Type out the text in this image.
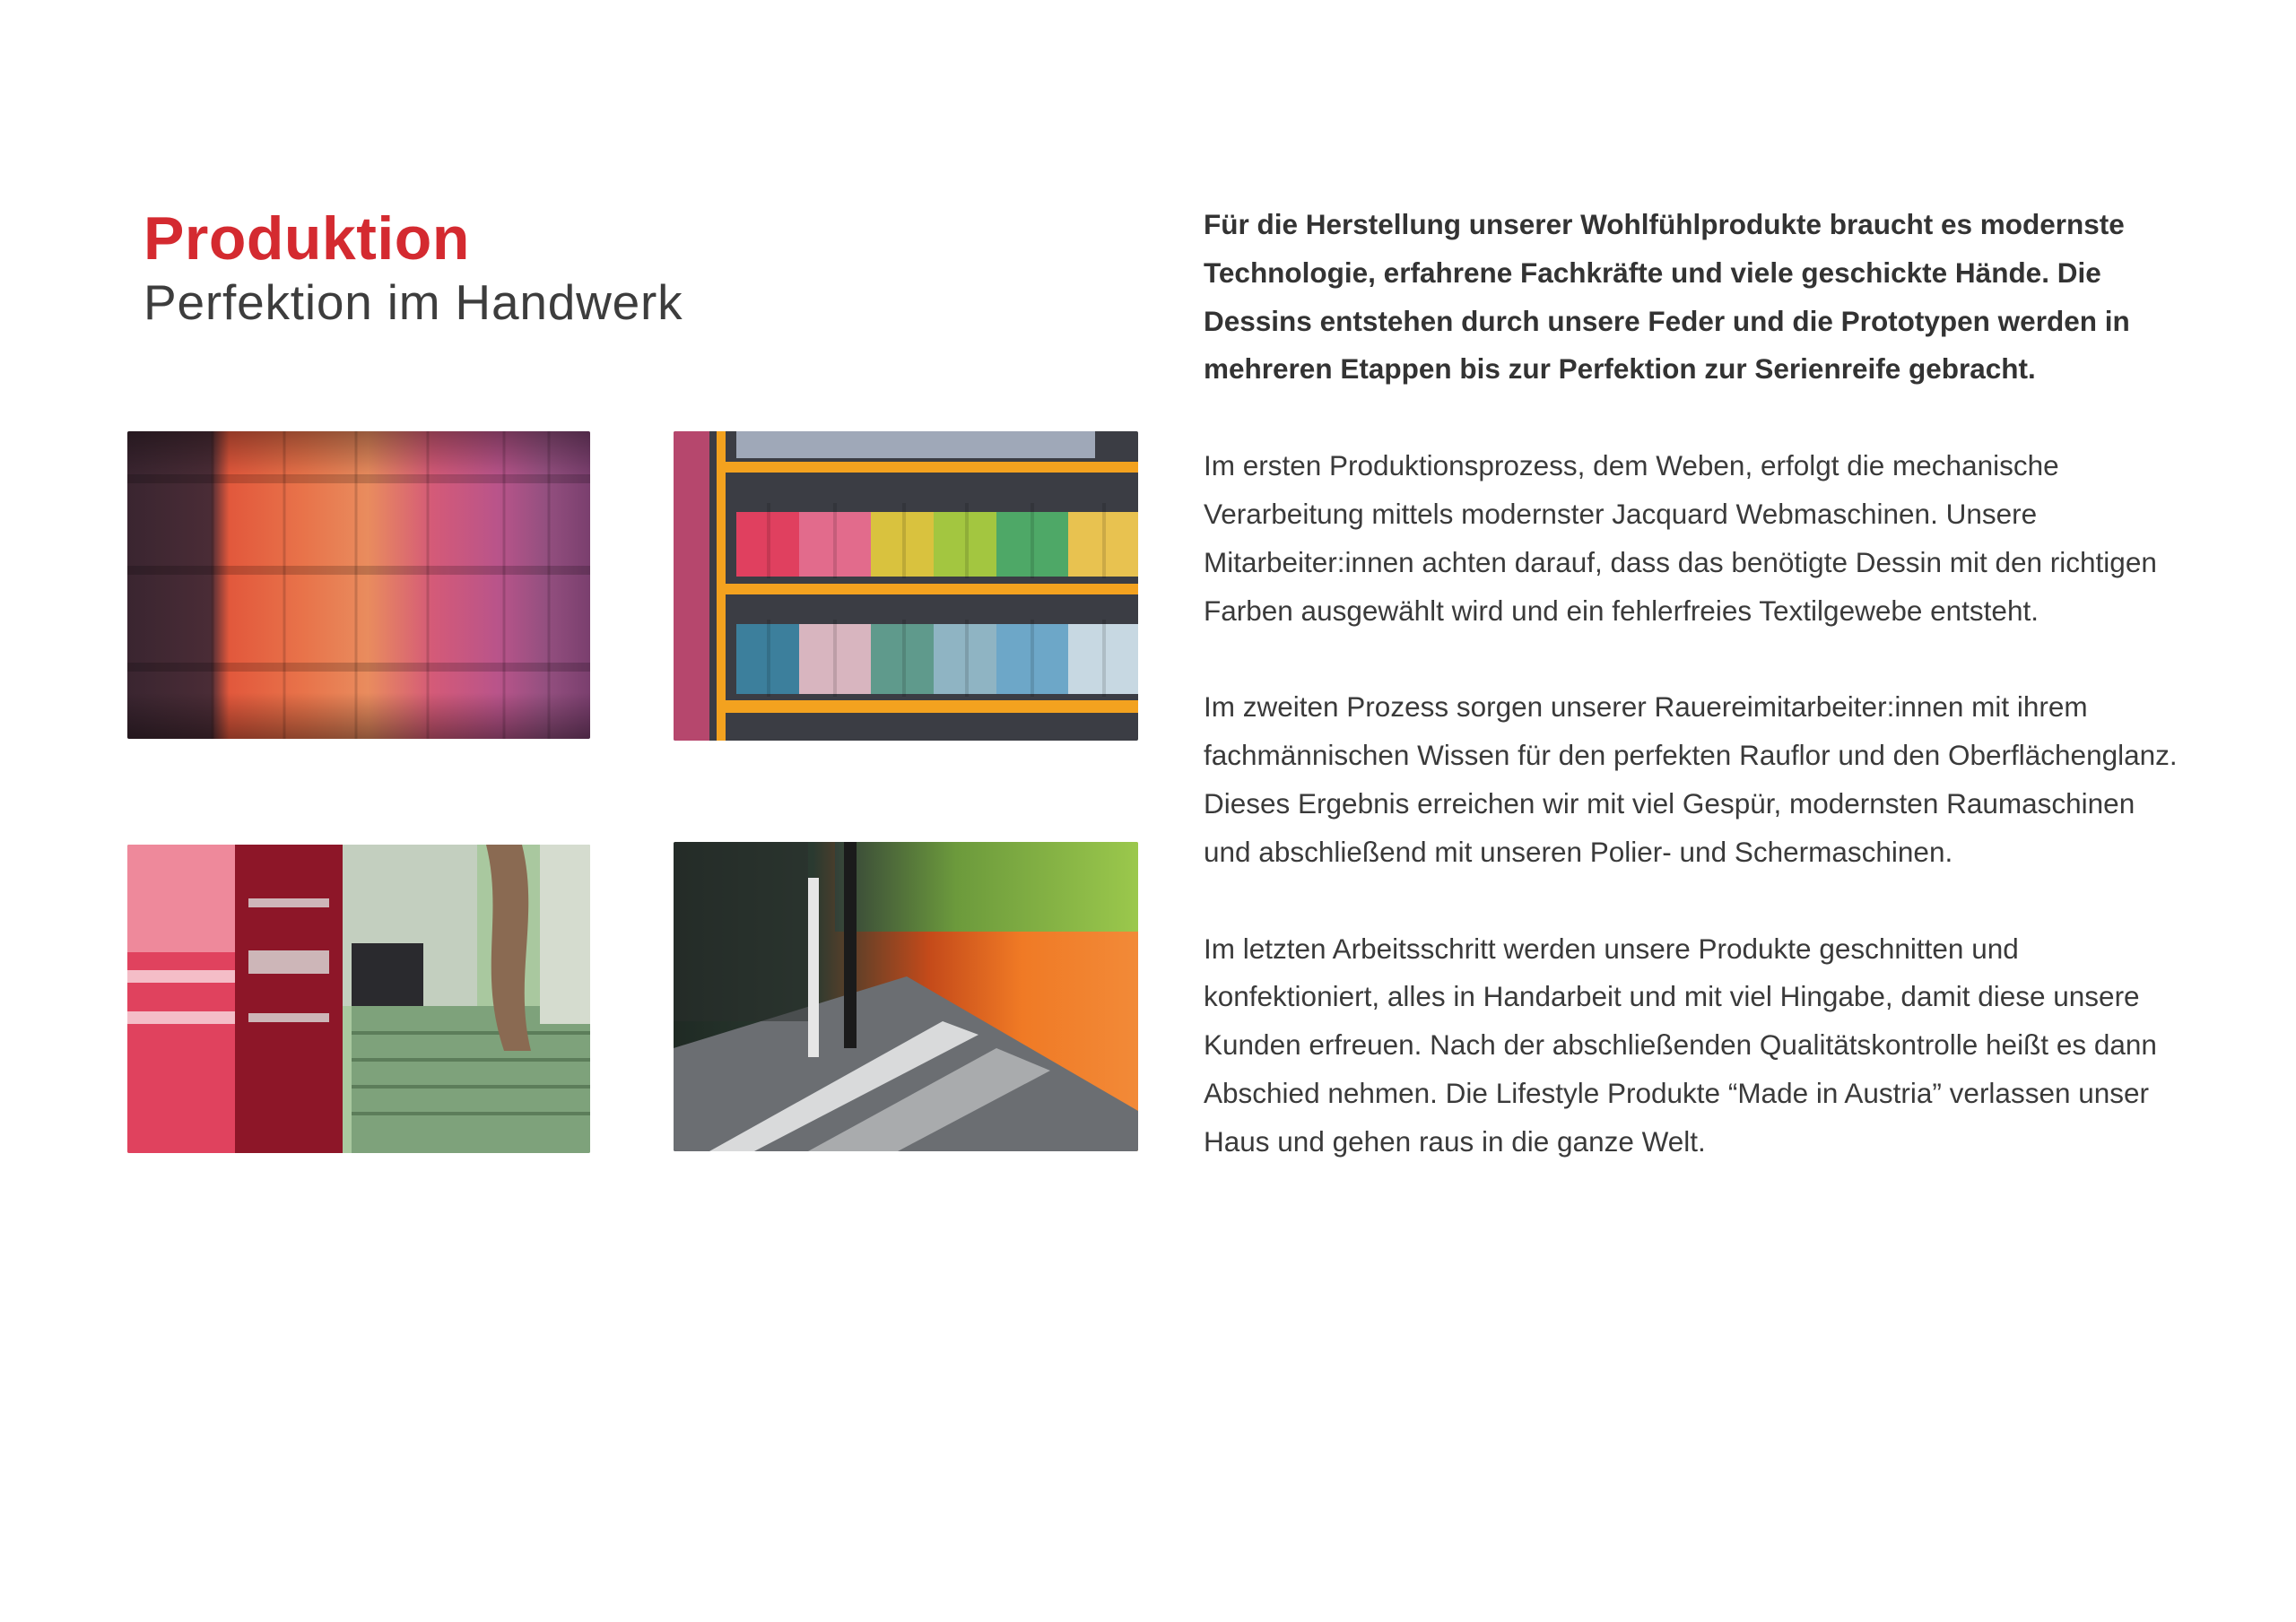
Produktion
Perfektion im Handwerk

Für die Herstellung unserer Wohlfühlprodukte braucht es modernste Technologie, erfahrene Fachkräfte und viele geschickte Hände. Die Dessins entstehen durch unsere Feder und die Prototypen werden in mehreren Etappen bis zur Perfektion zur Serienreife gebracht.

Im ersten Produktionsprozess, dem Weben, erfolgt die mechanische Verarbeitung mittels modernster Jacquard Webmaschinen. Unsere Mitarbeiter:innen achten darauf, dass das benötigte Dessin mit den richtigen Farben ausgewählt wird und ein fehlerfreies Textilgewebe entsteht.

Im zweiten Prozess sorgen unserer Rauereimitarbeiter:innen mit ihrem fachmännischen Wissen für den perfekten Rauflor und den Oberflächenglanz. Dieses Ergebnis erreichen wir mit viel Gespür, modernsten Raumaschinen und abschließend mit unseren Polier- und Schermaschinen.

Im letzten Arbeitsschritt werden unsere Produkte geschnitten und konfektioniert, alles in Handarbeit und mit viel Hingabe, damit diese unsere Kunden erfreuen. Nach der abschließenden Qualitätskontrolle heißt es dann Abschied nehmen. Die Lifestyle Produkte “Made in Austria” verlassen unser Haus und gehen raus in die ganze Welt.
